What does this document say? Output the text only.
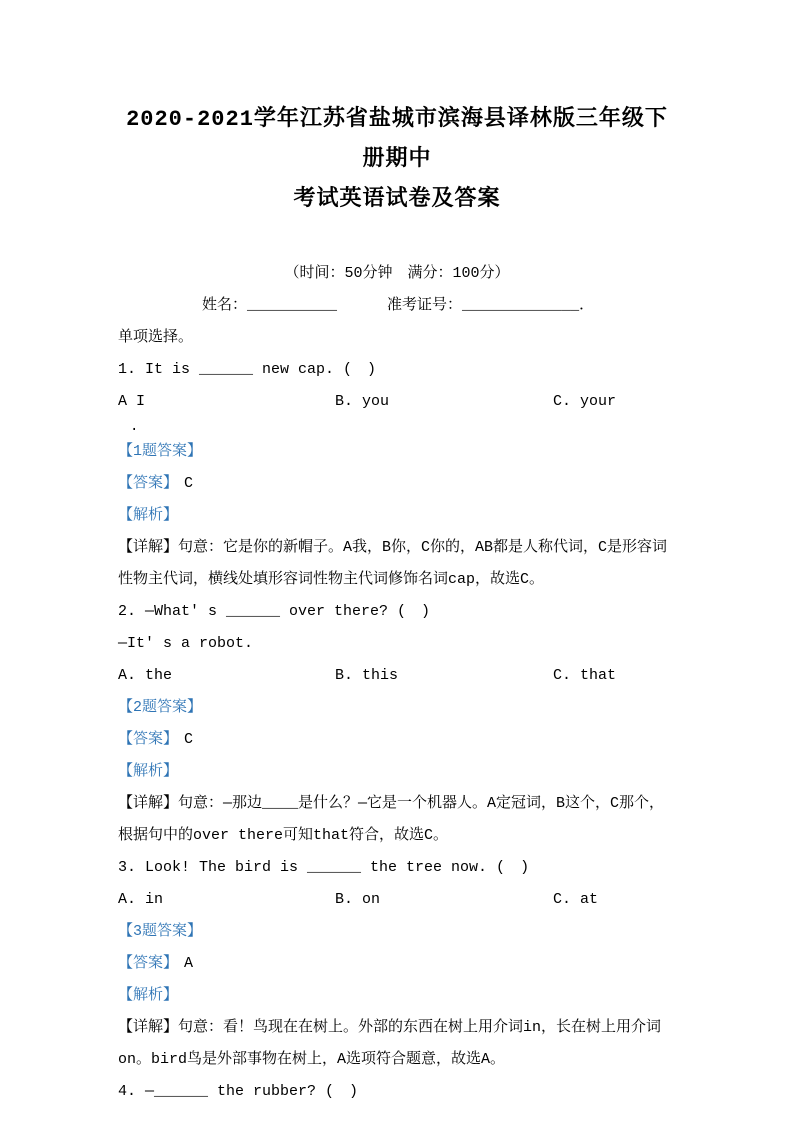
2020-2021学年江苏省盐城市滨海县译林版三年级下册期中

考试英语试卷及答案

（时间：50分钟　满分：100分）

姓名：__________	准考证号：_____________．

单项选择。

1. It is ______ new cap. (　)

A I	B. you	C. your

.

【1题答案】

【答案】 C

【解析】

【详解】句意：它是你的新帽子。A我，B你，C你的，AB都是人称代词，C是形容词性物主代词，横线处填形容词性物主代词修饰名词cap，故选C。

2. —What' s ______ over there? (　)

—It' s a robot.

A. the	B. this	C. that

【2题答案】

【答案】 C

【解析】

【详解】句意：—那边____是什么？—它是一个机器人。A定冠词，B这个，C那个，根据句中的over there可知that符合，故选C。

3. Look! The bird is ______ the tree now. (　)

A. in	B. on	C. at

【3题答案】

【答案】 A

【解析】

【详解】句意：看！鸟现在在树上。外部的东西在树上用介词in，长在树上用介词on。bird鸟是外部事物在树上，A选项符合题意，故选A。

4. —______ the rubber? (　)
